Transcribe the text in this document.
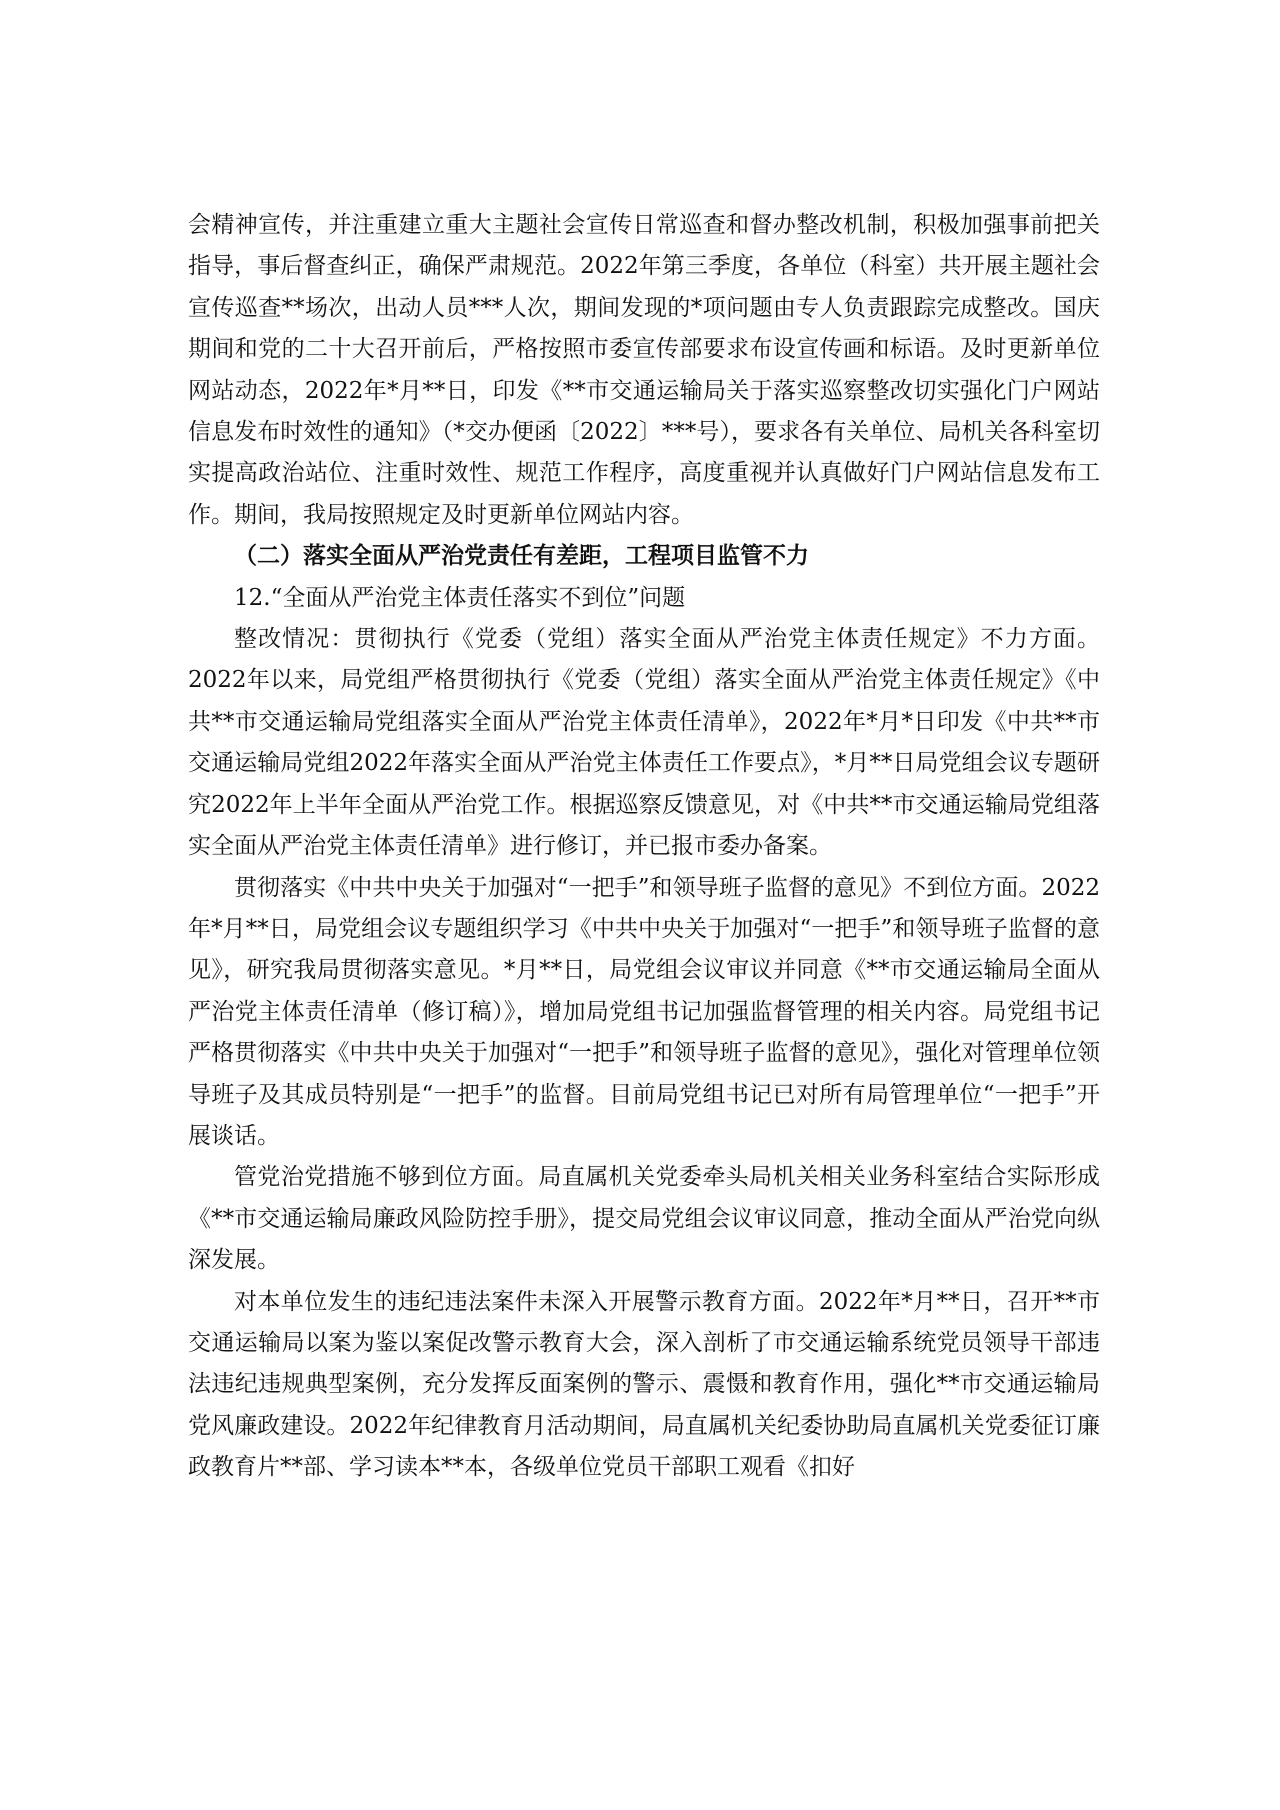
会精神宣传，并注重建立重大主题社会宣传日常巡查和督办整改机制，积极加强事前把关指导，事后督查纠正，确保严肃规范。2022年第三季度，各单位（科室）共开展主题社会宣传巡查**场次，出动人员***人次，期间发现的*项问题由专人负责跟踪完成整改。国庆期间和党的二十大召开前后，严格按照市委宣传部要求布设宣传画和标语。及时更新单位网站动态，2022年*月**日，印发《**市交通运输局关于落实巡察整改切实强化门户网站信息发布时效性的通知》（*交办便函〔2022〕***号），要求各有关单位、局机关各科室切实提高政治站位、注重时效性、规范工作程序，高度重视并认真做好门户网站信息发布工作。期间，我局按照规定及时更新单位网站内容。

（二）落实全面从严治党责任有差距，工程项目监管不力

12.“全面从严治党主体责任落实不到位”问题

整改情况：贯彻执行《党委（党组）落实全面从严治党主体责任规定》不力方面。2022年以来，局党组严格贯彻执行《党委（党组）落实全面从严治党主体责任规定》《中共**市交通运输局党组落实全面从严治党主体责任清单》，2022年*月*日印发《中共**市交通运输局党组2022年落实全面从严治党主体责任工作要点》，*月**日局党组会议专题研究2022年上半年全面从严治党工作。根据巡察反馈意见，对《中共**市交通运输局党组落实全面从严治党主体责任清单》进行修订，并已报市委办备案。

贯彻落实《中共中央关于加强对“一把手”和领导班子监督的意见》不到位方面。2022年*月**日，局党组会议专题组织学习《中共中央关于加强对“一把手”和领导班子监督的意见》，研究我局贯彻落实意见。*月**日，局党组会议审议并同意《**市交通运输局全面从严治党主体责任清单（修订稿）》，增加局党组书记加强监督管理的相关内容。局党组书记严格贯彻落实《中共中央关于加强对“一把手”和领导班子监督的意见》，强化对管理单位领导班子及其成员特别是“一把手”的监督。目前局党组书记已对所有局管理单位“一把手”开展谈话。

管党治党措施不够到位方面。局直属机关党委牵头局机关相关业务科室结合实际形成《**市交通运输局廉政风险防控手册》，提交局党组会议审议同意，推动全面从严治党向纵深发展。

对本单位发生的违纪违法案件未深入开展警示教育方面。2022年*月**日，召开**市交通运输局以案为鉴以案促改警示教育大会，深入剖析了市交通运输系统党员领导干部违法违纪违规典型案例，充分发挥反面案例的警示、震慑和教育作用，强化**市交通运输局党风廉政建设。2022年纪律教育月活动期间，局直属机关纪委协助局直属机关党委征订廉政教育片**部、学习读本**本，各级单位党员干部职工观看《扣好
